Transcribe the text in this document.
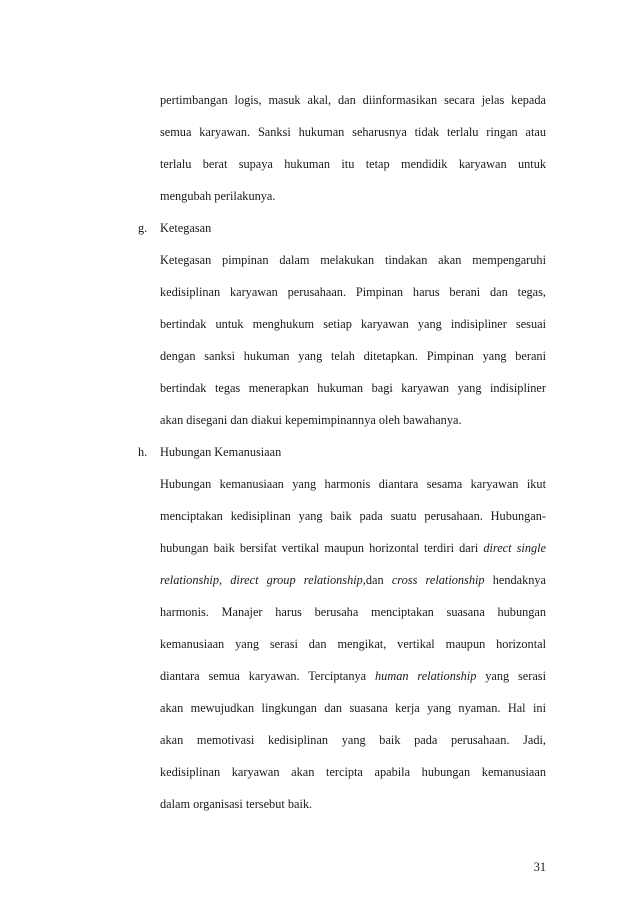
pertimbangan logis, masuk akal, dan diinformasikan secara jelas kepada
semua karyawan. Sanksi hukuman seharusnya tidak terlalu ringan atau
terlalu berat supaya hukuman itu tetap mendidik karyawan untuk
mengubah perilakunya.
g. Ketegasan
Ketegasan pimpinan dalam melakukan tindakan akan mempengaruhi
kedisiplinan karyawan perusahaan. Pimpinan harus berani dan tegas,
bertindak untuk menghukum setiap karyawan yang indisipliner sesuai
dengan sanksi hukuman yang telah ditetapkan. Pimpinan yang berani
bertindak tegas menerapkan hukuman bagi karyawan yang indisipliner
akan disegani dan diakui kepemimpinannya oleh bawahanya.
h. Hubungan Kemanusiaan
Hubungan kemanusiaan yang harmonis diantara sesama karyawan ikut
menciptakan kedisiplinan yang baik pada suatu perusahaan. Hubungan-
hubungan baik bersifat vertikal maupun horizontal terdiri dari direct single
relationship, direct group relationship,dan cross relationship hendaknya
harmonis. Manajer harus berusaha menciptakan suasana hubungan
kemanusiaan yang serasi dan mengikat, vertikal maupun horizontal
diantara semua karyawan. Terciptanya human relationship yang serasi
akan mewujudkan lingkungan dan suasana kerja yang nyaman. Hal ini
akan memotivasi kedisiplinan yang baik pada perusahaan. Jadi,
kedisiplinan karyawan akan tercipta apabila hubungan kemanusiaan
dalam organisasi tersebut baik.
31
